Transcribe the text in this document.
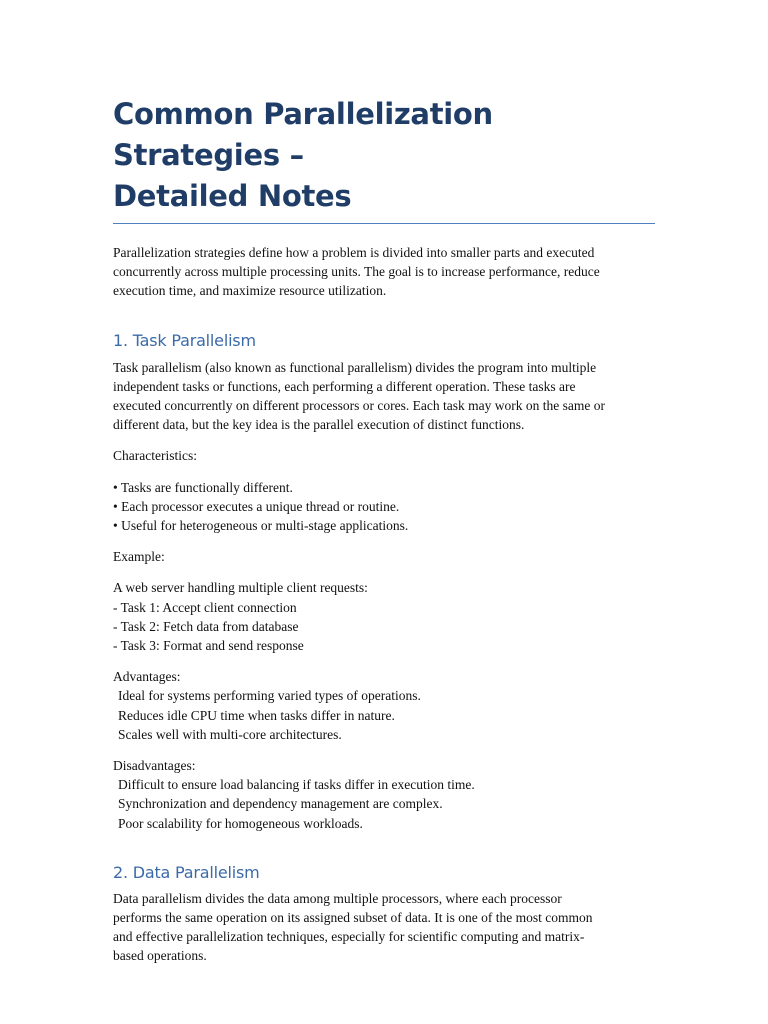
Common Parallelization Strategies –
Detailed Notes

Parallelization strategies define how a problem is divided into smaller parts and executed concurrently across multiple processing units. The goal is to increase performance, reduce execution time, and maximize resource utilization.

1. Task Parallelism
Task parallelism (also known as functional parallelism) divides the program into multiple
independent tasks or functions, each performing a different operation. These tasks are
executed concurrently on different processors or cores. Each task may work on the same or
different data, but the key idea is the parallel execution of distinct functions.
Characteristics:
• Tasks are functionally different.
• Each processor executes a unique thread or routine.
• Useful for heterogeneous or multi-stage applications.
Example:
A web server handling multiple client requests:
- Task 1: Accept client connection
- Task 2: Fetch data from database
- Task 3: Format and send response
Advantages:
Ideal for systems performing varied types of operations.
Reduces idle CPU time when tasks differ in nature.
Scales well with multi-core architectures.
Disadvantages:
Difficult to ensure load balancing if tasks differ in execution time.
Synchronization and dependency management are complex.
Poor scalability for homogeneous workloads.
2. Data Parallelism
Data parallelism divides the data among multiple processors, where each processor
performs the same operation on its assigned subset of data. It is one of the most common
and effective parallelization techniques, especially for scientific computing and matrix-
based operations.
